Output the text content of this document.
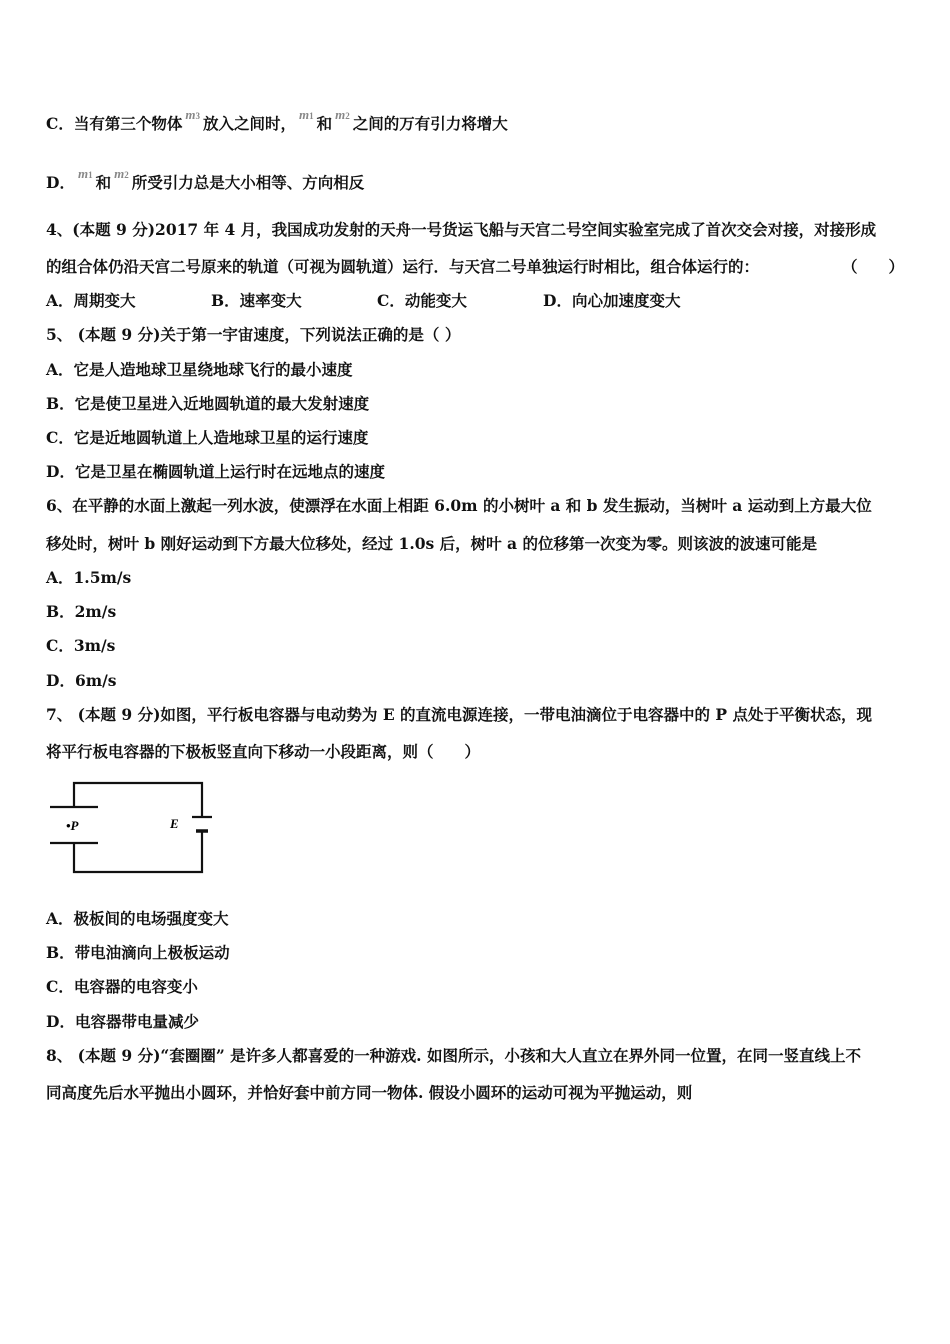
C．当有第三个物体 $^{m3}$ 放入之间时， $^{m1}$ 和 $^{m2}$ 之间的万有引力将增大
D． $^{m1}$ 和 $^{m2}$ 所受引力总是大小相等、方向相反
4、(本题 9 分)2017 年 4 月，我国成功发射的天舟一号货运飞船与天宫二号空间实验室完成了首次交会对接，对接形成
的组合体仍沿天宫二号原来的轨道（可视为圆轨道）运行．与天宫二号单独运行时相比，组合体运行的：	（　　）
A．周期变大	B．速率变大	C．动能变大	D．向心加速度变大
5、 (本题 9 分)关于第一宇宙速度，下列说法正确的是（ ）
A．它是人造地球卫星绕地球飞行的最小速度
B．它是使卫星进入近地圆轨道的最大发射速度
C．它是近地圆轨道上人造地球卫星的运行速度
D．它是卫星在椭圆轨道上运行时在远地点的速度
6、在平静的水面上激起一列水波，使漂浮在水面上相距 6.0m 的小树叶 a 和 b 发生振动，当树叶 a 运动到上方最大位
移处时，树叶 b 刚好运动到下方最大位移处，经过 1.0s 后，树叶 a 的位移第一次变为零。则该波的波速可能是
A．1.5m/s
B．2m/s
C．3m/s
D．6m/s
7、 (本题 9 分)如图，平行板电容器与电动势为 E 的直流电源连接，一带电油滴位于电容器中的 P 点处于平衡状态，现
将平行板电容器的下极板竖直向下移动一小段距离，则（　　）
•P	E
A．极板间的电场强度变大
B．带电油滴向上极板运动
C．电容器的电容变小
D．电容器带电量减少
8、 (本题 9 分)“套圈圈” 是许多人都喜爱的一种游戏. 如图所示，小孩和大人直立在界外同一位置，在同一竖直线上不
同高度先后水平抛出小圆环，并恰好套中前方同一物体. 假设小圆环的运动可视为平抛运动，则
